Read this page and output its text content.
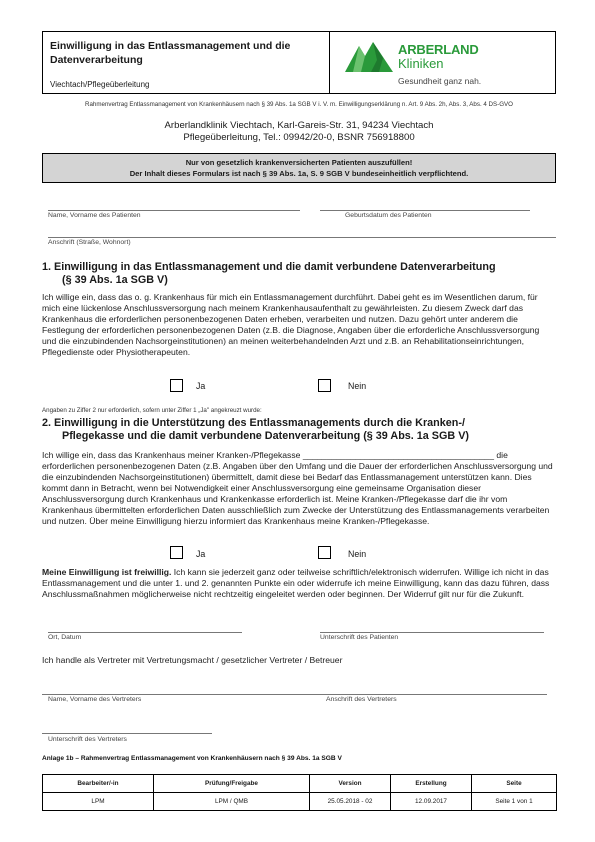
Einwilligung in das Entlassmanagement und die Datenverarbeitung
Viechtach/Pflegeüberleitung
ARBERLAND
Kliniken
Gesundheit ganz nah.
Rahmenvertrag Entlassmanagement von Krankenhäusern nach § 39 Abs. 1a SGB V i. V. m. Einwilligungserklärung n. Art. 9 Abs. 2h, Abs. 3, Abs. 4 DS-GVO
Arberlandklinik Viechtach, Karl-Gareis-Str. 31, 94234 Viechtach
Pflegeüberleitung, Tel.: 09942/20-0, BSNR 756918800
Nur von gesetzlich krankenversicherten Patienten auszufüllen!
Der Inhalt dieses Formulars ist nach § 39 Abs. 1a, S. 9 SGB V bundeseinheitlich verpflichtend.
Name, Vorname des Patienten	Geburtsdatum des Patienten
Anschrift (Straße, Wohnort)
1. Einwilligung in das Entlassmanagement und die damit verbundene Datenverarbeitung
(§ 39 Abs. 1a SGB V)
Ich willige ein, dass das o. g. Krankenhaus für mich ein Entlassmanagement durchführt. Dabei geht es im Wesentlichen darum, für mich eine lückenlose Anschlussversorgung nach meinem Krankenhausaufenthalt zu gewährleisten. Zu diesem Zweck darf das Krankenhaus die erforderlichen personenbezogenen Daten erheben, verarbeiten und nutzen. Dazu gehört unter anderem die Festlegung der erforderlichen personenbezogenen Daten (z.B. die Diagnose, Angaben über die erforderliche Anschlussversorgung und die einzubindenden Nachsorgeinstitutionen) an meinen weiterbehandelnden Arzt und z.B. an Rehabilitationseinrichtungen, Pflegedienste oder Physiotherapeuten.
Ja	Nein
Angaben zu Ziffer 2 nur erforderlich, sofern unter Ziffer 1 „Ja" angekreuzt wurde:
2. Einwilligung in die Unterstützung des Entlassmanagements durch die Kranken-/
Pflegekasse und die damit verbundene Datenverarbeitung (§ 39 Abs. 1a SGB V)
Ich willige ein, dass das Krankenhaus meiner Kranken-/Pflegekasse ________________________________________ die erforderlichen personenbezogenen Daten (z.B. Angaben über den Umfang und die Dauer der erforderlichen Anschlussversorgung und die einzubindenden Nachsorgeinstitutionen) übermittelt, damit diese bei Bedarf das Entlassmanagement unterstützen kann. Dies kommt dann in Betracht, wenn bei Notwendigkeit einer Anschlussversorgung eine gemeinsame Organisation dieser Anschlussversorgung durch Krankenhaus und Krankenkasse erforderlich ist. Meine Kranken-/Pflegekasse darf die ihr vom Krankenhaus übermittelten erforderlichen Daten ausschließlich zum Zwecke der Unterstützung des Entlassmanagements verarbeiten und nutzen. Über meine Einwilligung hierzu informiert das Krankenhaus meine Kranken-/Pflegekasse.
Ja	Nein
Meine Einwilligung ist freiwillig. Ich kann sie jederzeit ganz oder teilweise schriftlich/elektronisch widerrufen. Willige ich nicht in das Entlassmanagement und die unter 1. und 2. genannten Punkte ein oder widerrufe ich meine Einwilligung, kann das dazu führen, dass Anschlussmaßnahmen möglicherweise nicht rechtzeitig eingeleitet werden oder beginnen. Der Widerruf gilt nur für die Zukunft.
Ort, Datum	Unterschrift des Patienten
Ich handle als Vertreter mit Vertretungsmacht / gesetzlicher Vertreter / Betreuer
Name, Vorname des Vertreters	Anschrift des Vertreters
Unterschrift des Vertreters
Anlage 1b – Rahmenvertrag Entlassmanagement von Krankenhäusern nach § 39 Abs. 1a SGB V
Bearbeiter/-in	Prüfung/Freigabe	Version	Erstellung	Seite
LPM	LPM / QMB	25.05.2018 - 02	12.09.2017	Seite 1 von 1
